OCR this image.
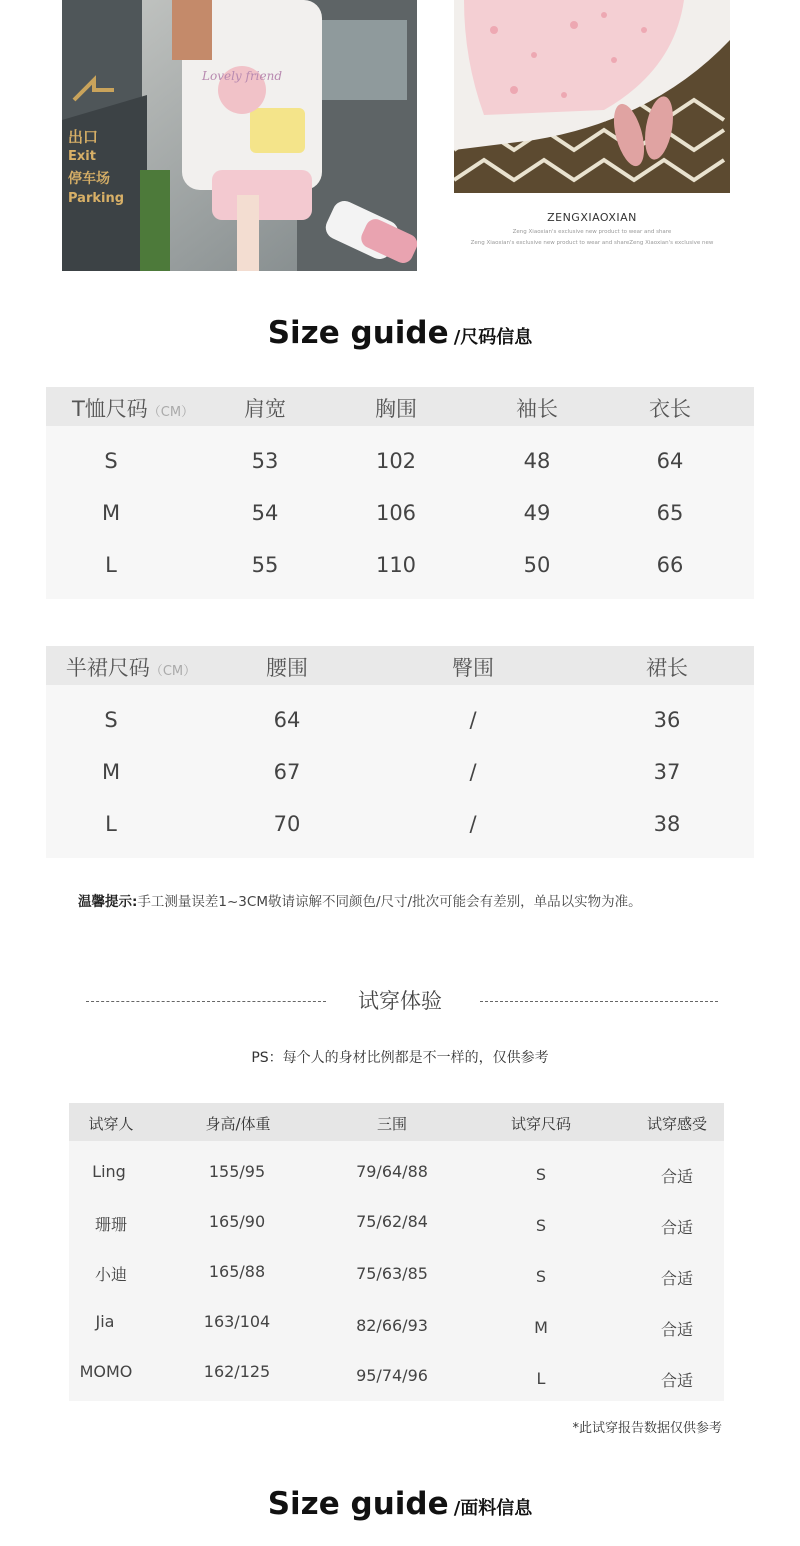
Lovely friend
出口
Exit
停车场
Parking
ZENGXIAOXIAN
Zeng Xiaoxian's exclusive new product to wear and share
Zeng Xiaoxian's exclusive new product to wear and shareZeng Xiaoxian's exclusive new
Size guide /尺码信息
T恤尺码（CM） 肩宽	胸围	袖长	衣长
S	53	102	48	64
M	54	106	49	65
L	55	110	50	66
半裙尺码（CM）	腰围	臀围	裙长
S	64	/	36
M	67	/	37
L	70	/	38
温馨提示:手工测量误差1~3CM敬请谅解不同颜色/尺寸/批次可能会有差别，单品以实物为准。
试穿体验
PS：每个人的身材比例都是不一样的，仅供参考
试穿人	身高/体重	三围	试穿尺码	试穿感受
Ling	155/95	79/64/88	S	合适
珊珊	165/90	75/62/84	S	合适
小迪	165/88	75/63/85	S	合适
Jia	163/104	82/66/93	M	合适
MOMO	162/125	95/74/96	L	合适
*此试穿报告数据仅供参考
Size guide /面料信息
